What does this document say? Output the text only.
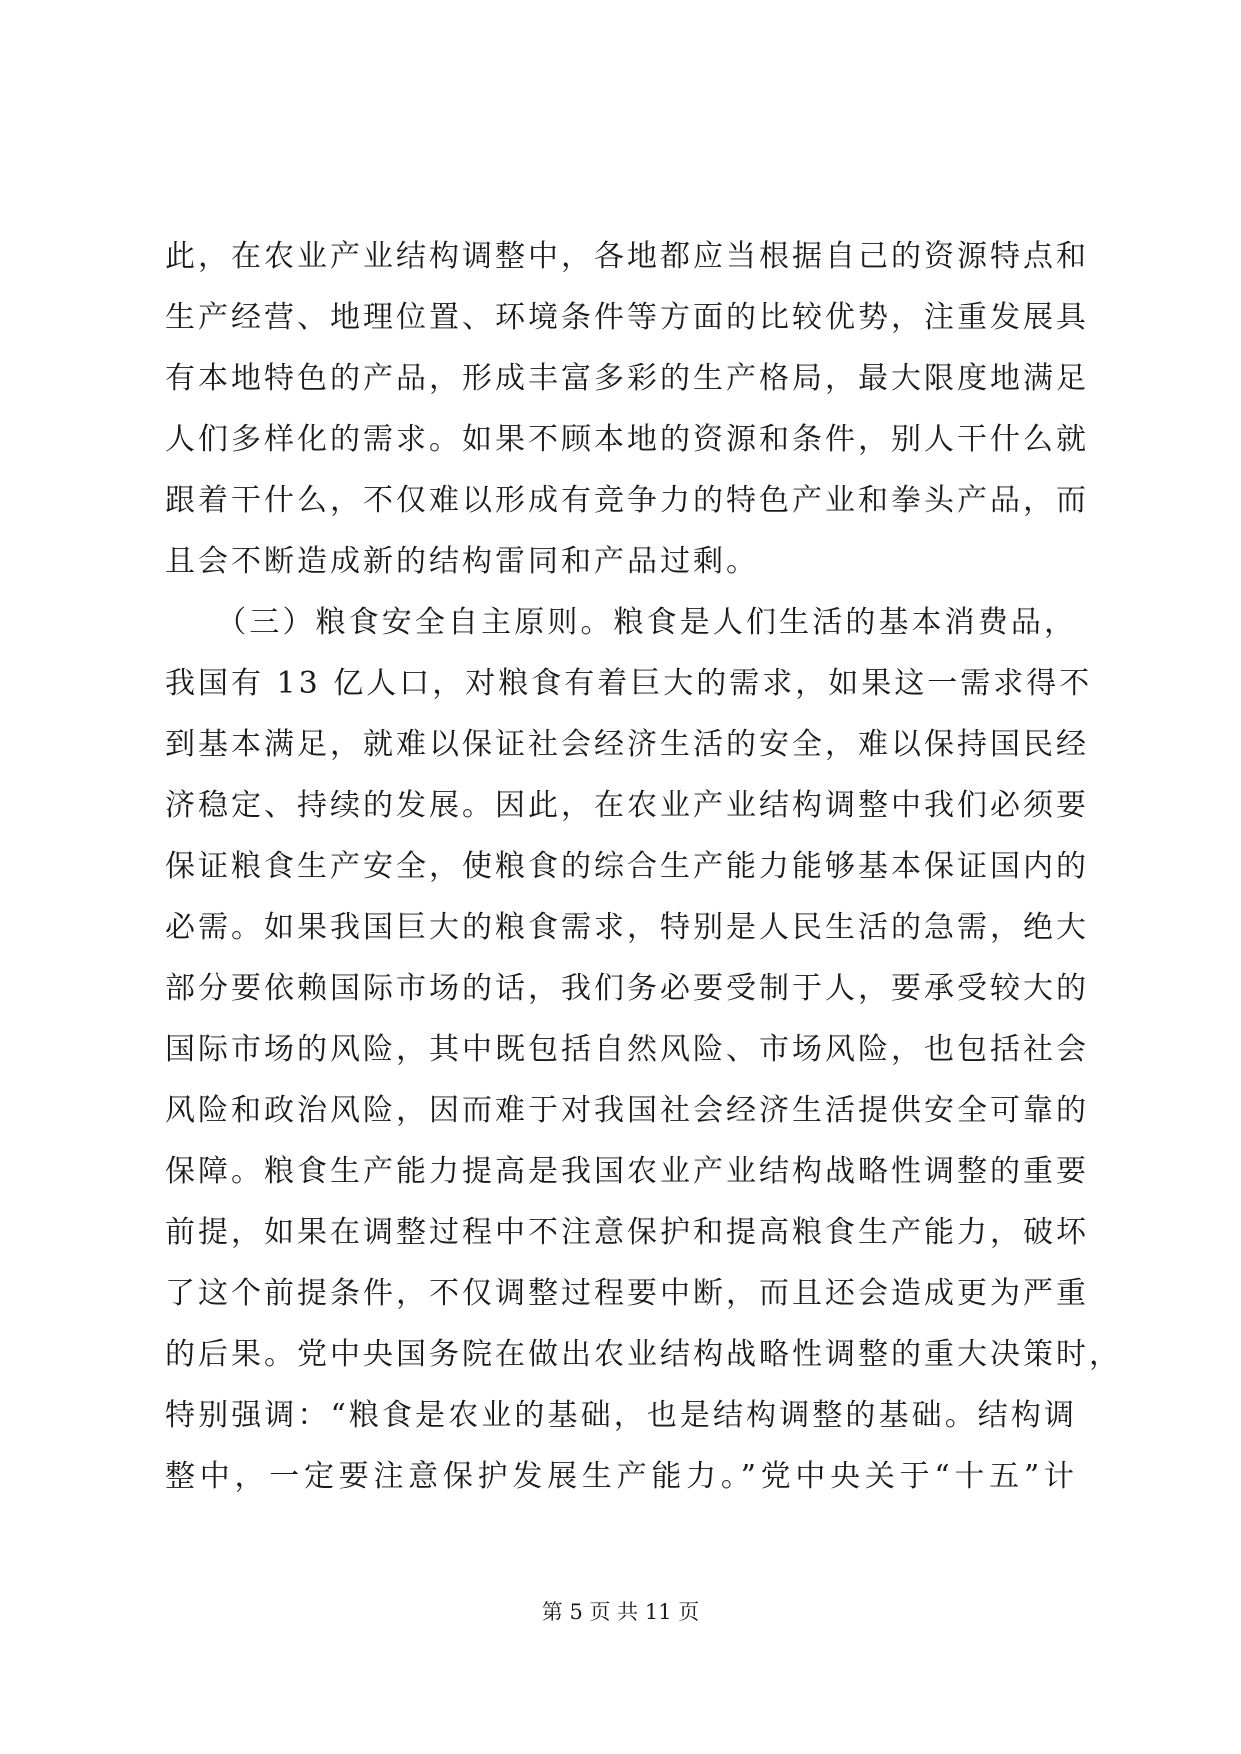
此，在农业产业结构调整中，各地都应当根据自己的资源特点和
生产经营、地理位置、环境条件等方面的比较优势，注重发展具
有本地特色的产品，形成丰富多彩的生产格局，最大限度地满足
人们多样化的需求。如果不顾本地的资源和条件，别人干什么就
跟着干什么，不仅难以形成有竞争力的特色产业和拳头产品，而
且会不断造成新的结构雷同和产品过剩。
　　（三）粮食安全自主原则。粮食是人们生活的基本消费品，
我国有 13 亿人口，对粮食有着巨大的需求，如果这一需求得不
到基本满足，就难以保证社会经济生活的安全，难以保持国民经
济稳定、持续的发展。因此，在农业产业结构调整中我们必须要
保证粮食生产安全，使粮食的综合生产能力能够基本保证国内的
必需。如果我国巨大的粮食需求，特别是人民生活的急需，绝大
部分要依赖国际市场的话，我们务必要受制于人，要承受较大的
国际市场的风险，其中既包括自然风险、市场风险，也包括社会
风险和政治风险，因而难于对我国社会经济生活提供安全可靠的
保障。粮食生产能力提高是我国农业产业结构战略性调整的重要
前提，如果在调整过程中不注意保护和提高粮食生产能力，破坏
了这个前提条件，不仅调整过程要中断，而且还会造成更为严重
的后果。党中央国务院在做出农业结构战略性调整的重大决策时，
特别强调：“粮食是农业的基础，也是结构调整的基础。结构调
整中，一定要注意保护发展生产能力。”党中央关于“十五”计
第 5 页 共 11 页
